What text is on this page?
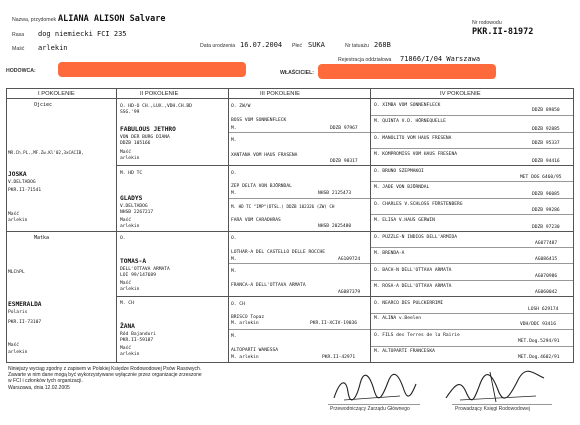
Nazwa, przydomek ALIANA ALISON Salvare
Rasa dog niemiecki FCI 235
Maść arlekin	Data urodzenia 16.07.2004 Płeć SUKA	Nr tatuażu 268B
Rejestracja oddziałowa 71866/I/04 Warszawa
Nr rodowodu
PKR.II-81972
HODOWCA:	WŁAŚCICIEL:
I POKOLENIE	II POKOLENIE	III POKOLENIE	IV POKOLENIE
Ojciec
MR.Ch.PL.,MF.Zw.Kl'02,3xCACIB,
JOSKA
V.DELTADOG
PKR.II-71541
Maść
arlekin
O. HD-O CH.,LUX.,VDH.CH.BD
SSG.'99
FABULOUS JETHRO
VON DER BURG DIANA
DDZB 105166
Maść
arlekin
M. HD TC
GLADYS
V.DELTADOG
NHSB 2267217
Maść
arlekin
O. ZW/W
BOSS VOM SONNENFLECK
M.	DDZB 97967
M.
XANTANA VOM HAUS FRASENA
DDZB 98317
O.
ZEP DELTA VON BJÖRNDAL
M.	NHSB 2125473
M. HD TC "IMP"(DTSL.) DDZB 102326 (ZW) CH
FARA VOM CARADHRAS
NHSB 2025480
O. XIMBA VOM SONNENFLECK
DDZB 89850
M. QUINTA V.D. HÖRNEQUELLE
DDZB 92885
O. MANOLITO VOM HAUS FRESENA
DDZB 95337
M. KOMPROMISS VOM HAUS FRESENA
DDZB 94416
O. BRUNO SZEPMAKOI
MET DOG 6460/95
M. JADE VON BJÖRNDAL
DDZB 96085
O. CHARLES V.SCHLOSS FÜRSTENBERG
DDZB 99286
M. ELISA V.HAUS GERWIN
DDZB 97230
Matka
MLChPL
ESMERALDA
Polaris
PKR.II-73107
Maść
arlekin
O.
TOMAS-A
DELL'OTTAVA ARMATA
LOI 99/147689
Maść
arlekin
M. CH
ŽANA
Ród Bajanduri
PKR.II-59187
Maść
arlekin
O.
LOTHAR-A DEL CASTELLO DELLE ROCCHE
M.	AG109724
M.
FRANCA-A DELL'OTTAVA ARMATA
AG087379
O. CH
BRISCO Topaz
M. arlekin	PKR.II-XCIV-19036
M.
ALTOPARTI WANESSA
M. arlekin	PKR.II-42971
O. PUZZLE-N INDIOS DELL'ARMIDA
AG077487
M. BRENDA-A
AG086415
O. BACH-N DELL'OTTAVA ARMATA
AG070986
M. ROSA-A DELL'OTTAVA ARMATA
AG060042
O. NEARCO DES PULCKERRIMI
LOSH 629174
M. ALINA v.Beelen
VDH/DDC 93416
O. FILS des Terres de la Rairie
MET.Dog.5294/91
M. ALTOPARTI FRANCESKA
MET.Dog.4602/91
Niniejszy wyciąg zgodny z zapisem w Polskiej Księdze Rodowodowej Psów Rasowych.
Zawarte w nim dane mogą być wykorzystywane wyłącznie przez organizacje zrzeszone
w FCI i członków tych organizacji.
Warszawa, dnia 12.02.2005
Przewodniczący Zarządu Głównego	Prowadzący Księgi Rodowodowej
